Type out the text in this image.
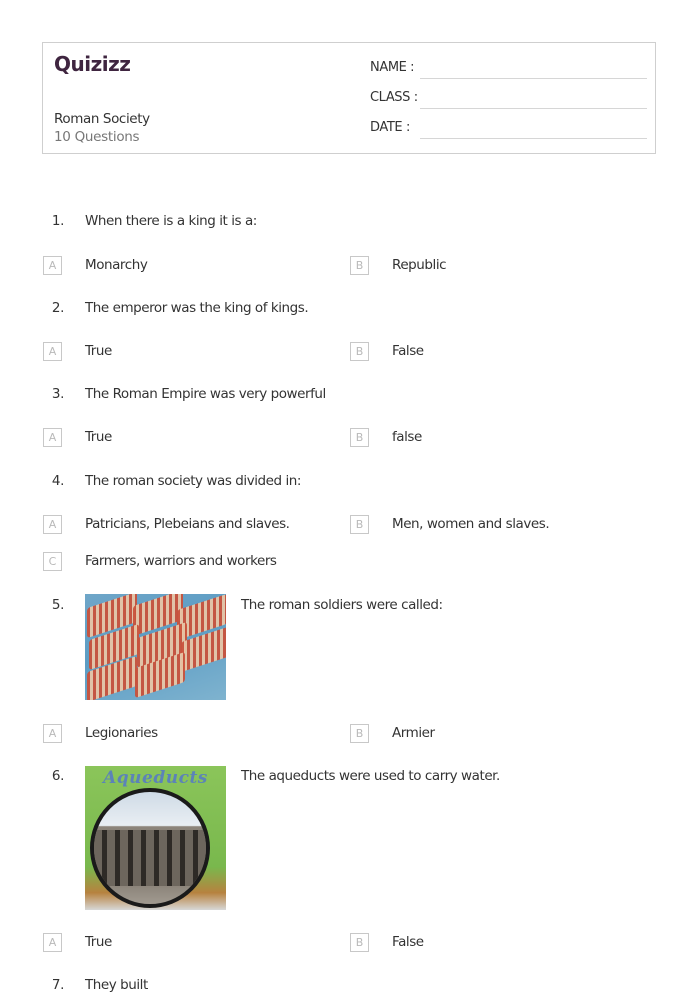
Quizizz
Roman Society
10 Questions
NAME :
CLASS :
DATE :
1. When there is a king it is a:
A	Monarchy	B	Republic
2. The emperor was the king of kings.
A	True	B	False
3. The Roman Empire was very powerful
A	True	B	false
4. The roman society was divided in:
A	Patricians, Plebeians and slaves.	B	Men, women and slaves.
C	Farmers, warriors and workers
5.	The roman soldiers were called:
A	Legionaries	B	Armier
6.	Aqueducts	The aqueducts were used to carry water.
A	True	B	False
7. They built
